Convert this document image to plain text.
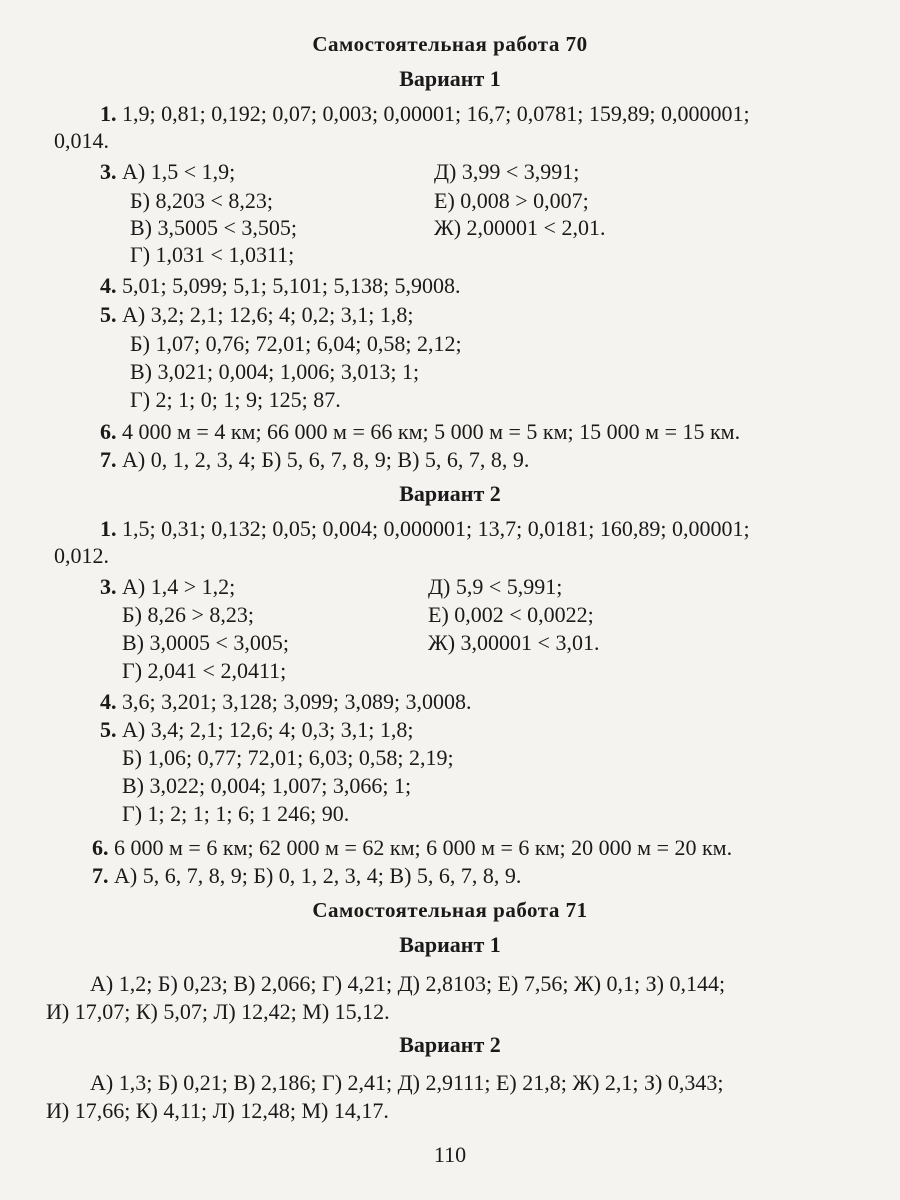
Самостоятельная работа 70
Вариант 1
1. 1,9; 0,81; 0,192; 0,07; 0,003; 0,00001; 16,7; 0,0781; 159,89; 0,000001;
0,014.
3. А) 1,5 < 1,9;
Б) 8,203 < 8,23;
В) 3,5005 < 3,505;
Г) 1,031 < 1,0311;
Д) 3,99 < 3,991;
Е) 0,008 > 0,007;
Ж) 2,00001 < 2,01.
4. 5,01; 5,099; 5,1; 5,101; 5,138; 5,9008.
5. А) 3,2; 2,1; 12,6; 4; 0,2; 3,1; 1,8;
Б) 1,07; 0,76; 72,01; 6,04; 0,58; 2,12;
В) 3,021; 0,004; 1,006; 3,013; 1;
Г) 2; 1; 0; 1; 9; 125; 87.
6. 4 000 м = 4 км; 66 000 м = 66 км; 5 000 м = 5 км; 15 000 м = 15 км.
7. А) 0, 1, 2, 3, 4; Б) 5, 6, 7, 8, 9; В) 5, 6, 7, 8, 9.
Вариант 2
1. 1,5; 0,31; 0,132; 0,05; 0,004; 0,000001; 13,7; 0,0181; 160,89; 0,00001;
0,012.
3. А) 1,4 > 1,2;
Б) 8,26 > 8,23;
В) 3,0005 < 3,005;
Г) 2,041 < 2,0411;
Д) 5,9 < 5,991;
Е) 0,002 < 0,0022;
Ж) 3,00001 < 3,01.
4. 3,6; 3,201; 3,128; 3,099; 3,089; 3,0008.
5. А) 3,4; 2,1; 12,6; 4; 0,3; 3,1; 1,8;
Б) 1,06; 0,77; 72,01; 6,03; 0,58; 2,19;
В) 3,022; 0,004; 1,007; 3,066; 1;
Г) 1; 2; 1; 1; 6; 1 246; 90.
6. 6 000 м = 6 км; 62 000 м = 62 км; 6 000 м = 6 км; 20 000 м = 20 км.
7. А) 5, 6, 7, 8, 9; Б) 0, 1, 2, 3, 4; В) 5, 6, 7, 8, 9.
Самостоятельная работа 71
Вариант 1
А) 1,2; Б) 0,23; В) 2,066; Г) 4,21; Д) 2,8103; Е) 7,56; Ж) 0,1; З) 0,144;
И) 17,07; К) 5,07; Л) 12,42; М) 15,12.
Вариант 2
А) 1,3; Б) 0,21; В) 2,186; Г) 2,41; Д) 2,9111; Е) 21,8; Ж) 2,1; З) 0,343;
И) 17,66; К) 4,11; Л) 12,48; М) 14,17.
110
